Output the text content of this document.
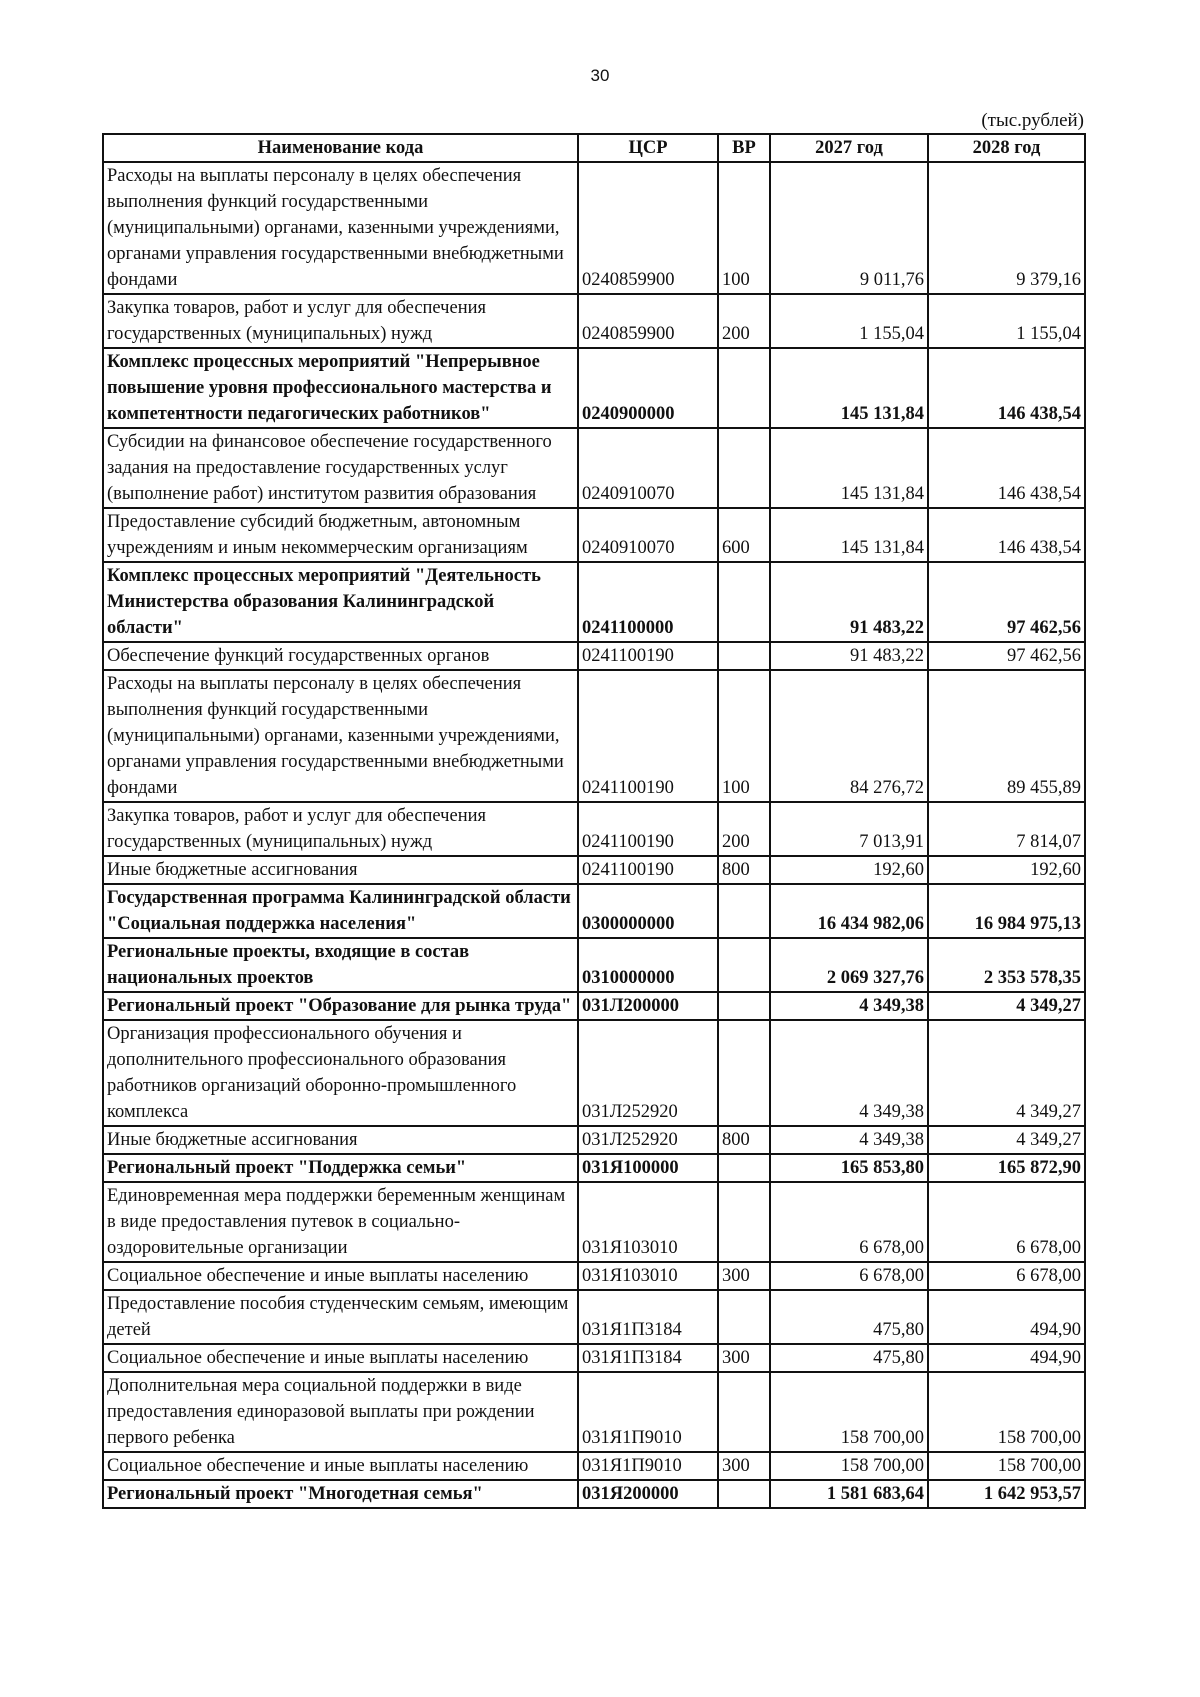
30
(тыс.рублей)
Наименование кода	ЦСР	ВР	2027 год	2028 год
Расходы на выплаты персоналу в целях обеспечения выполнения функций государственными (муниципальными) органами, казенными учреждениями, органами управления государственными внебюджетными фондами	0240859900	100	9 011,76	9 379,16
Закупка товаров, работ и услуг для обеспечения государственных (муниципальных) нужд	0240859900	200	1 155,04	1 155,04
Комплекс процессных мероприятий "Непрерывное повышение уровня профессионального мастерства и компетентности педагогических работников"	0240900000		145 131,84	146 438,54
Субсидии на финансовое обеспечение государственного задания на предоставление государственных услуг (выполнение работ) институтом развития образования	0240910070		145 131,84	146 438,54
Предоставление субсидий бюджетным, автономным учреждениям и иным некоммерческим организациям	0240910070	600	145 131,84	146 438,54
Комплекс процессных мероприятий "Деятельность Министерства образования Калининградской области"	0241100000		91 483,22	97 462,56
Обеспечение функций государственных органов	0241100190		91 483,22	97 462,56
Расходы на выплаты персоналу в целях обеспечения выполнения функций государственными (муниципальными) органами, казенными учреждениями, органами управления государственными внебюджетными фондами	0241100190	100	84 276,72	89 455,89
Закупка товаров, работ и услуг для обеспечения государственных (муниципальных) нужд	0241100190	200	7 013,91	7 814,07
Иные бюджетные ассигнования	0241100190	800	192,60	192,60
Государственная программа Калининградской области "Социальная поддержка населения"	0300000000		16 434 982,06	16 984 975,13
Региональные проекты, входящие в состав национальных проектов	0310000000		2 069 327,76	2 353 578,35
Региональный проект "Образование для рынка труда"	031Л200000		4 349,38	4 349,27
Организация профессионального обучения и дополнительного профессионального образования работников организаций оборонно-промышленного комплекса	031Л252920		4 349,38	4 349,27
Иные бюджетные ассигнования	031Л252920	800	4 349,38	4 349,27
Региональный проект "Поддержка семьи"	031Я100000		165 853,80	165 872,90
Единовременная мера поддержки беременным женщинам в виде предоставления путевок в социально-оздоровительные организации	031Я103010		6 678,00	6 678,00
Социальное обеспечение и иные выплаты населению	031Я103010	300	6 678,00	6 678,00
Предоставление пособия студенческим семьям, имеющим детей	031Я1П3184		475,80	494,90
Социальное обеспечение и иные выплаты населению	031Я1П3184	300	475,80	494,90
Дополнительная мера социальной поддержки в виде предоставления единоразовой выплаты при рождении первого ребенка	031Я1П9010		158 700,00	158 700,00
Социальное обеспечение и иные выплаты населению	031Я1П9010	300	158 700,00	158 700,00
Региональный проект "Многодетная семья"	031Я200000		1 581 683,64	1 642 953,57
